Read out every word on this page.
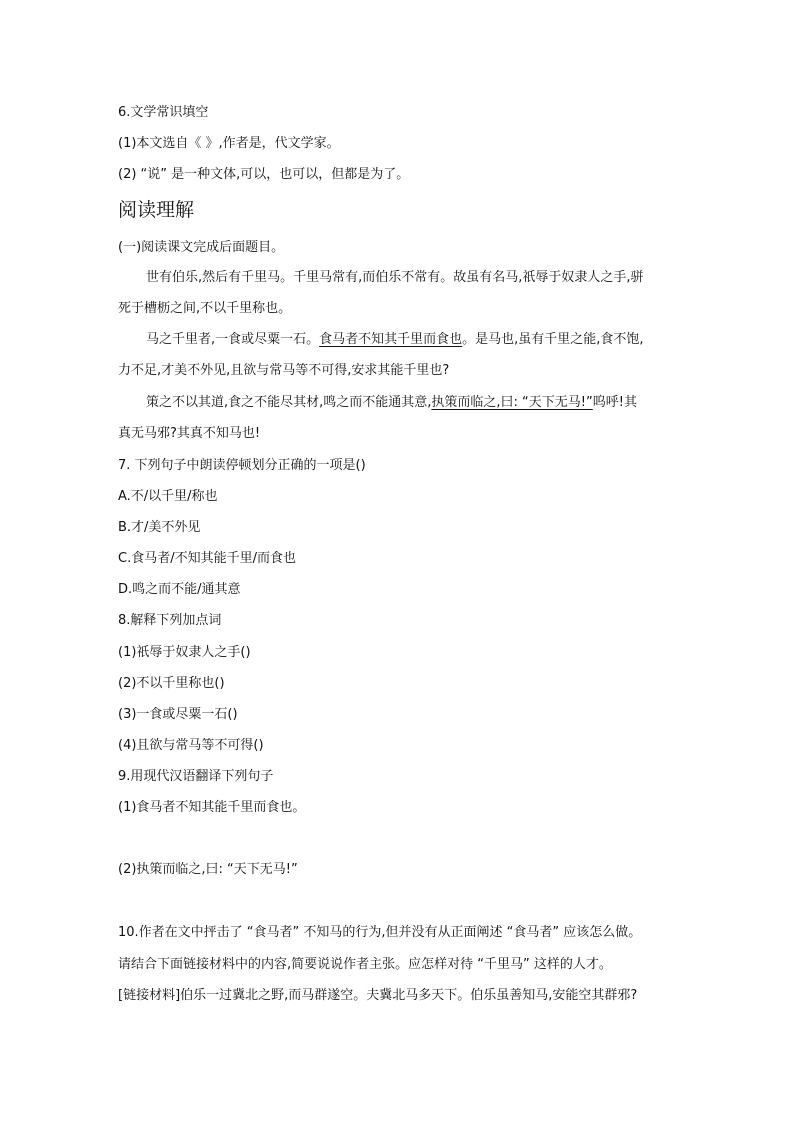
6.文学常识填空
(1)本文选自《 》,作者是，代文学家。
(2) “说” 是一种文体,可以，也可以，但都是为了。
阅读理解
(一)阅读课文完成后面题目。
世有伯乐,然后有千里马。千里马常有,而伯乐不常有。故虽有名马,祇辱于奴隶人之手,骈
死于槽枥之间,不以千里称也。
马之千里者,一食或尽粟一石。食马者不知其千里而食也。是马也,虽有千里之能,食不饱,
力不足,才美不外见,且欲与常马等不可得,安求其能千里也?
策之不以其道,食之不能尽其材,鸣之而不能通其意,执策而临之,曰: “天下无马!”呜呼!其
真无马邪?其真不知马也!
7. 下列句子中朗读停顿划分正确的一项是()
A.不/以千里/称也
B.才/美不外见
C.食马者/不知其能千里/而食也
D.鸣之而不能/通其意
8.解释下列加点词
(1)祇辱于奴隶人之手()
(2)不以千里称也()
(3)一食或尽粟一石()
(4)且欲与常马等不可得()
9.用现代汉语翻译下列句子
(1)食马者不知其能千里而食也。
(2)执策而临之,曰: “天下无马!”
10.作者在文中抨击了 “食马者” 不知马的行为,但并没有从正面阐述 “食马者” 应该怎么做。
请结合下面链接材料中的内容,简要说说作者主张。应怎样对待 “千里马” 这样的人才。
[链接材料]伯乐一过冀北之野,而马群遂空。夫冀北马多天下。伯乐虽善知马,安能空其群邪?
